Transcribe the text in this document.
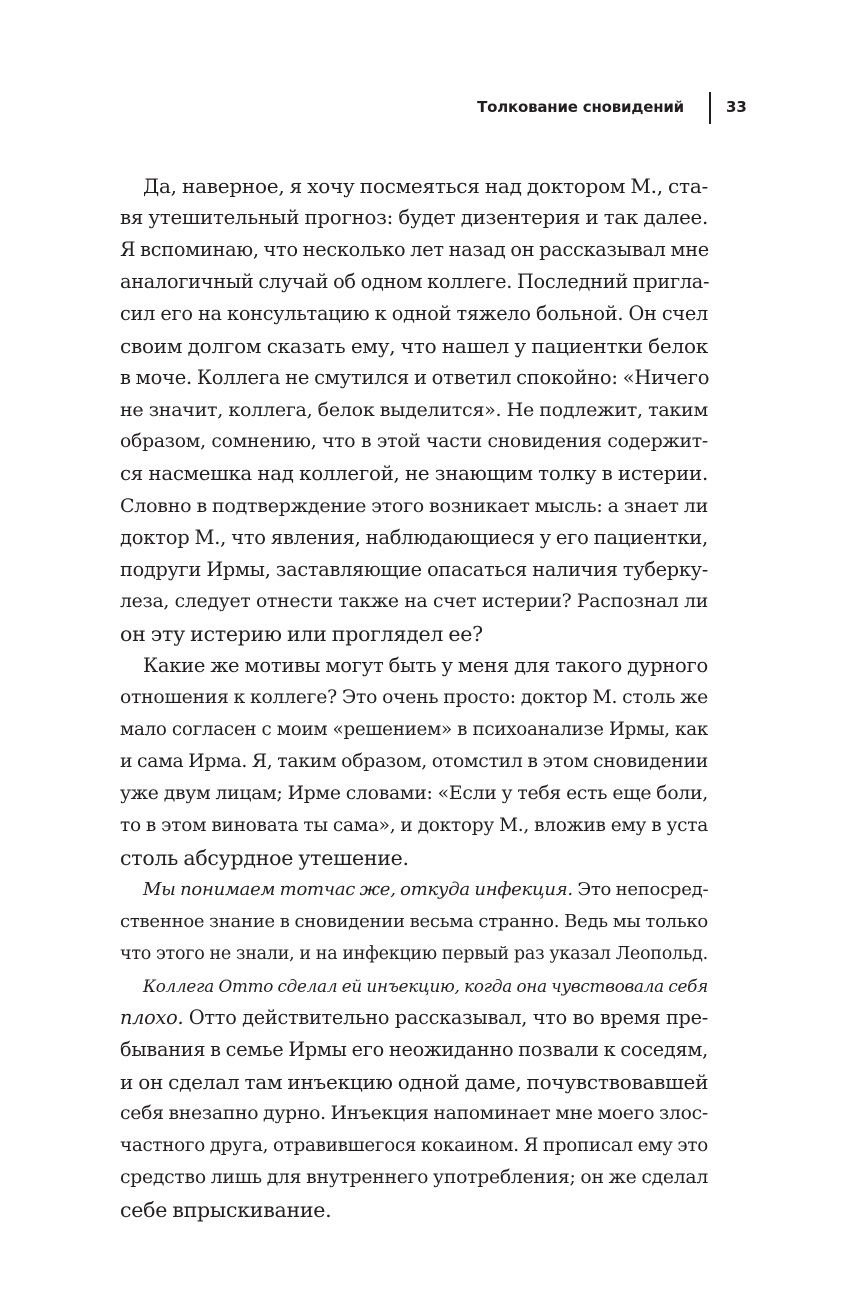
Толкование сновидений	33
Да, наверное, я хочу посмеяться над доктором М., ста-
вя утешительный прогноз: будет дизентерия и так далее.
Я вспоминаю, что несколько лет назад он рассказывал мне
аналогичный случай об одном коллеге. Последний пригла-
сил его на консультацию к одной тяжело больной. Он счел
своим долгом сказать ему, что нашел у пациентки белок
в моче. Коллега не смутился и ответил спокойно: «Ничего
не значит, коллега, белок выделится». Не подлежит, таким
образом, сомнению, что в этой части сновидения содержит-
ся насмешка над коллегой, не знающим толку в истерии.
Словно в подтверждение этого возникает мысль: а знает ли
доктор М., что явления, наблюдающиеся у его пациентки,
подруги Ирмы, заставляющие опасаться наличия туберку-
леза, следует отнести также на счет истерии? Распознал ли
он эту истерию или проглядел ее?
Какие же мотивы могут быть у меня для такого дурного
отношения к коллеге? Это очень просто: доктор М. столь же
мало согласен с моим «решением» в психоанализе Ирмы, как
и сама Ирма. Я, таким образом, отомстил в этом сновидении
уже двум лицам; Ирме словами: «Если у тебя есть еще боли,
то в этом виновата ты сама», и доктору М., вложив ему в уста
столь абсурдное утешение.
Мы понимаем тотчас же, откуда инфекция. Это непосред-
ственное знание в сновидении весьма странно. Ведь мы только
что этого не знали, и на инфекцию первый раз указал Леопольд.
Коллега Отто сделал ей инъекцию, когда она чувствовала себя
плохо. Отто действительно рассказывал, что во время пре-
бывания в семье Ирмы его неожиданно позвали к соседям,
и он сделал там инъекцию одной даме, почувствовавшей
себя внезапно дурно. Инъекция напоминает мне моего злос-
частного друга, отравившегося кокаином. Я прописал ему это
средство лишь для внутреннего употребления; он же сделал
себе впрыскивание.
